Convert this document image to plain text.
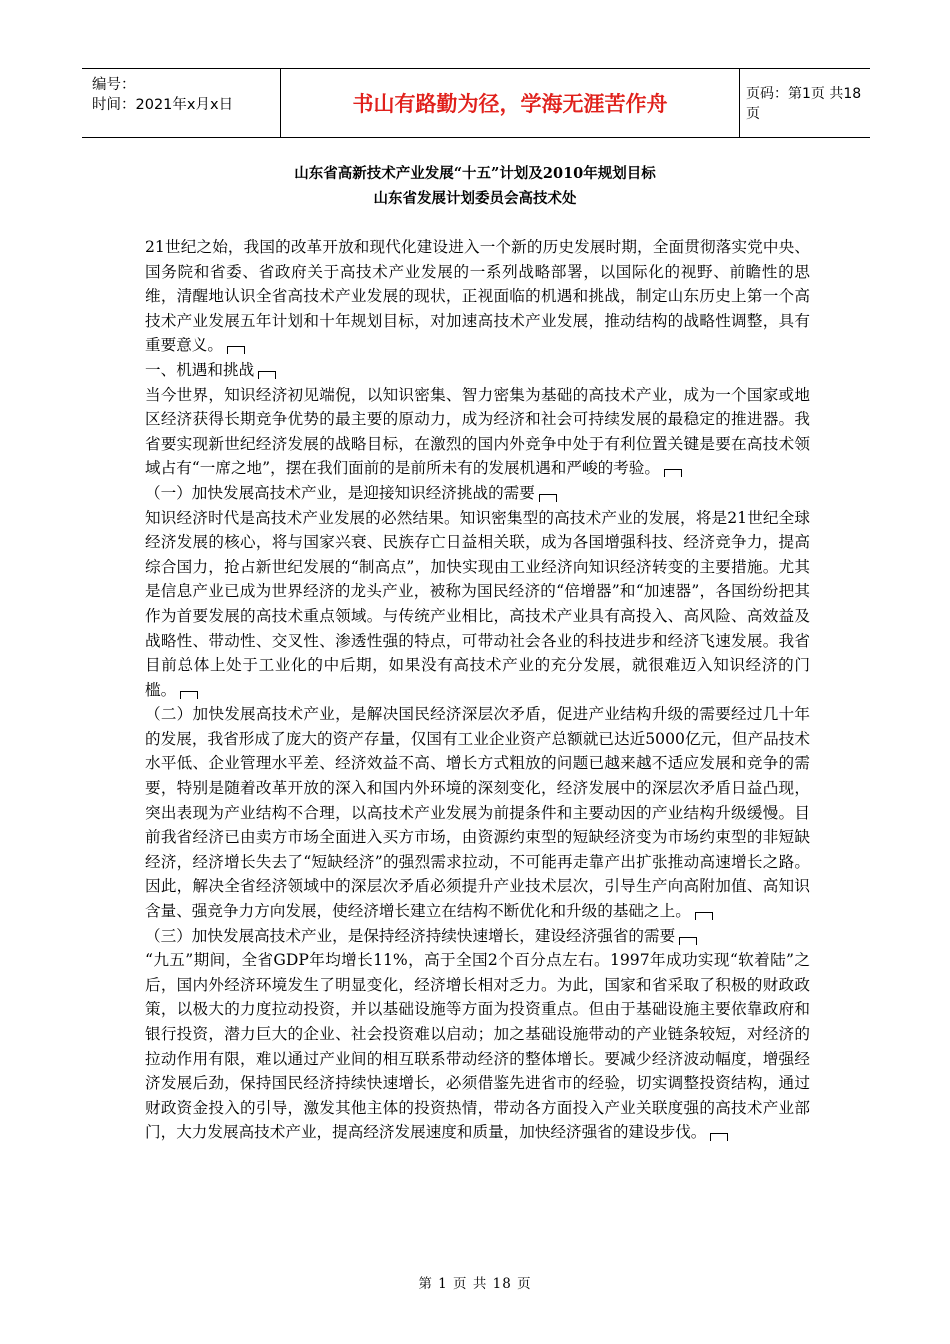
编号：
时间：2021年x月x日	书山有路勤为径，学海无涯苦作舟	页码：第1页 共18页
山东省高新技术产业发展“十五”计划及2010年规划目标
山东省发展计划委员会高技术处

21世纪之始，我国的改革开放和现代化建设进入一个新的历史发展时期，全面贯彻落实党中央、国务院和省委、省政府关于高技术产业发展的一系列战略部署，以国际化的视野、前瞻性的思维，清醒地认识全省高技术产业发展的现状，正视面临的机遇和挑战，制定山东历史上第一个高技术产业发展五年计划和十年规划目标，对加速高技术产业发展，推动结构的战略性调整，具有重要意义。

一、机遇和挑战

当今世界，知识经济初见端倪，以知识密集、智力密集为基础的高技术产业，成为一个国家或地区经济获得长期竞争优势的最主要的原动力，成为经济和社会可持续发展的最稳定的推进器。我省要实现新世纪经济发展的战略目标，在激烈的国内外竞争中处于有利位置关键是要在高技术领域占有“一席之地”，摆在我们面前的是前所未有的发展机遇和严峻的考验。

（一）加快发展高技术产业，是迎接知识经济挑战的需要

知识经济时代是高技术产业发展的必然结果。知识密集型的高技术产业的发展，将是21世纪全球经济发展的核心，将与国家兴衰、民族存亡日益相关联，成为各国增强科技、经济竞争力，提高综合国力，抢占新世纪发展的“制高点”，加快实现由工业经济向知识经济转变的主要措施。尤其是信息产业已成为世界经济的龙头产业，被称为国民经济的“倍增器”和“加速器”，各国纷纷把其作为首要发展的高技术重点领域。与传统产业相比，高技术产业具有高投入、高风险、高效益及战略性、带动性、交叉性、渗透性强的特点，可带动社会各业的科技进步和经济飞速发展。我省目前总体上处于工业化的中后期，如果没有高技术产业的充分发展，就很难迈入知识经济的门槛。

（二）加快发展高技术产业，是解决国民经济深层次矛盾，促进产业结构升级的需要经过几十年的发展，我省形成了庞大的资产存量，仅国有工业企业资产总额就已达近5000亿元，但产品技术水平低、企业管理水平差、经济效益不高、增长方式粗放的问题已越来越不适应发展和竞争的需要，特别是随着改革开放的深入和国内外环境的深刻变化，经济发展中的深层次矛盾日益凸现，突出表现为产业结构不合理，以高技术产业发展为前提条件和主要动因的产业结构升级缓慢。目前我省经济已由卖方市场全面进入买方市场，由资源约束型的短缺经济变为市场约束型的非短缺经济，经济增长失去了“短缺经济”的强烈需求拉动，不可能再走靠产出扩张推动高速增长之路。因此，解决全省经济领域中的深层次矛盾必须提升产业技术层次，引导生产向高附加值、高知识含量、强竞争力方向发展，使经济增长建立在结构不断优化和升级的基础之上。

（三）加快发展高技术产业，是保持经济持续快速增长，建设经济强省的需要

“九五”期间，全省GDP年均增长11%，高于全国2个百分点左右。1997年成功实现“软着陆”之后，国内外经济环境发生了明显变化，经济增长相对乏力。为此，国家和省采取了积极的财政政策，以极大的力度拉动投资，并以基础设施等方面为投资重点。但由于基础设施主要依靠政府和银行投资，潜力巨大的企业、社会投资难以启动；加之基础设施带动的产业链条较短，对经济的拉动作用有限，难以通过产业间的相互联系带动经济的整体增长。要减少经济波动幅度，增强经济发展后劲，保持国民经济持续快速增长，必须借鉴先进省市的经验，切实调整投资结构，通过财政资金投入的引导，激发其他主体的投资热情，带动各方面投入产业关联度强的高技术产业部门，大力发展高技术产业，提高经济发展速度和质量，加快经济强省的建设步伐。

第 1 页 共 18 页
